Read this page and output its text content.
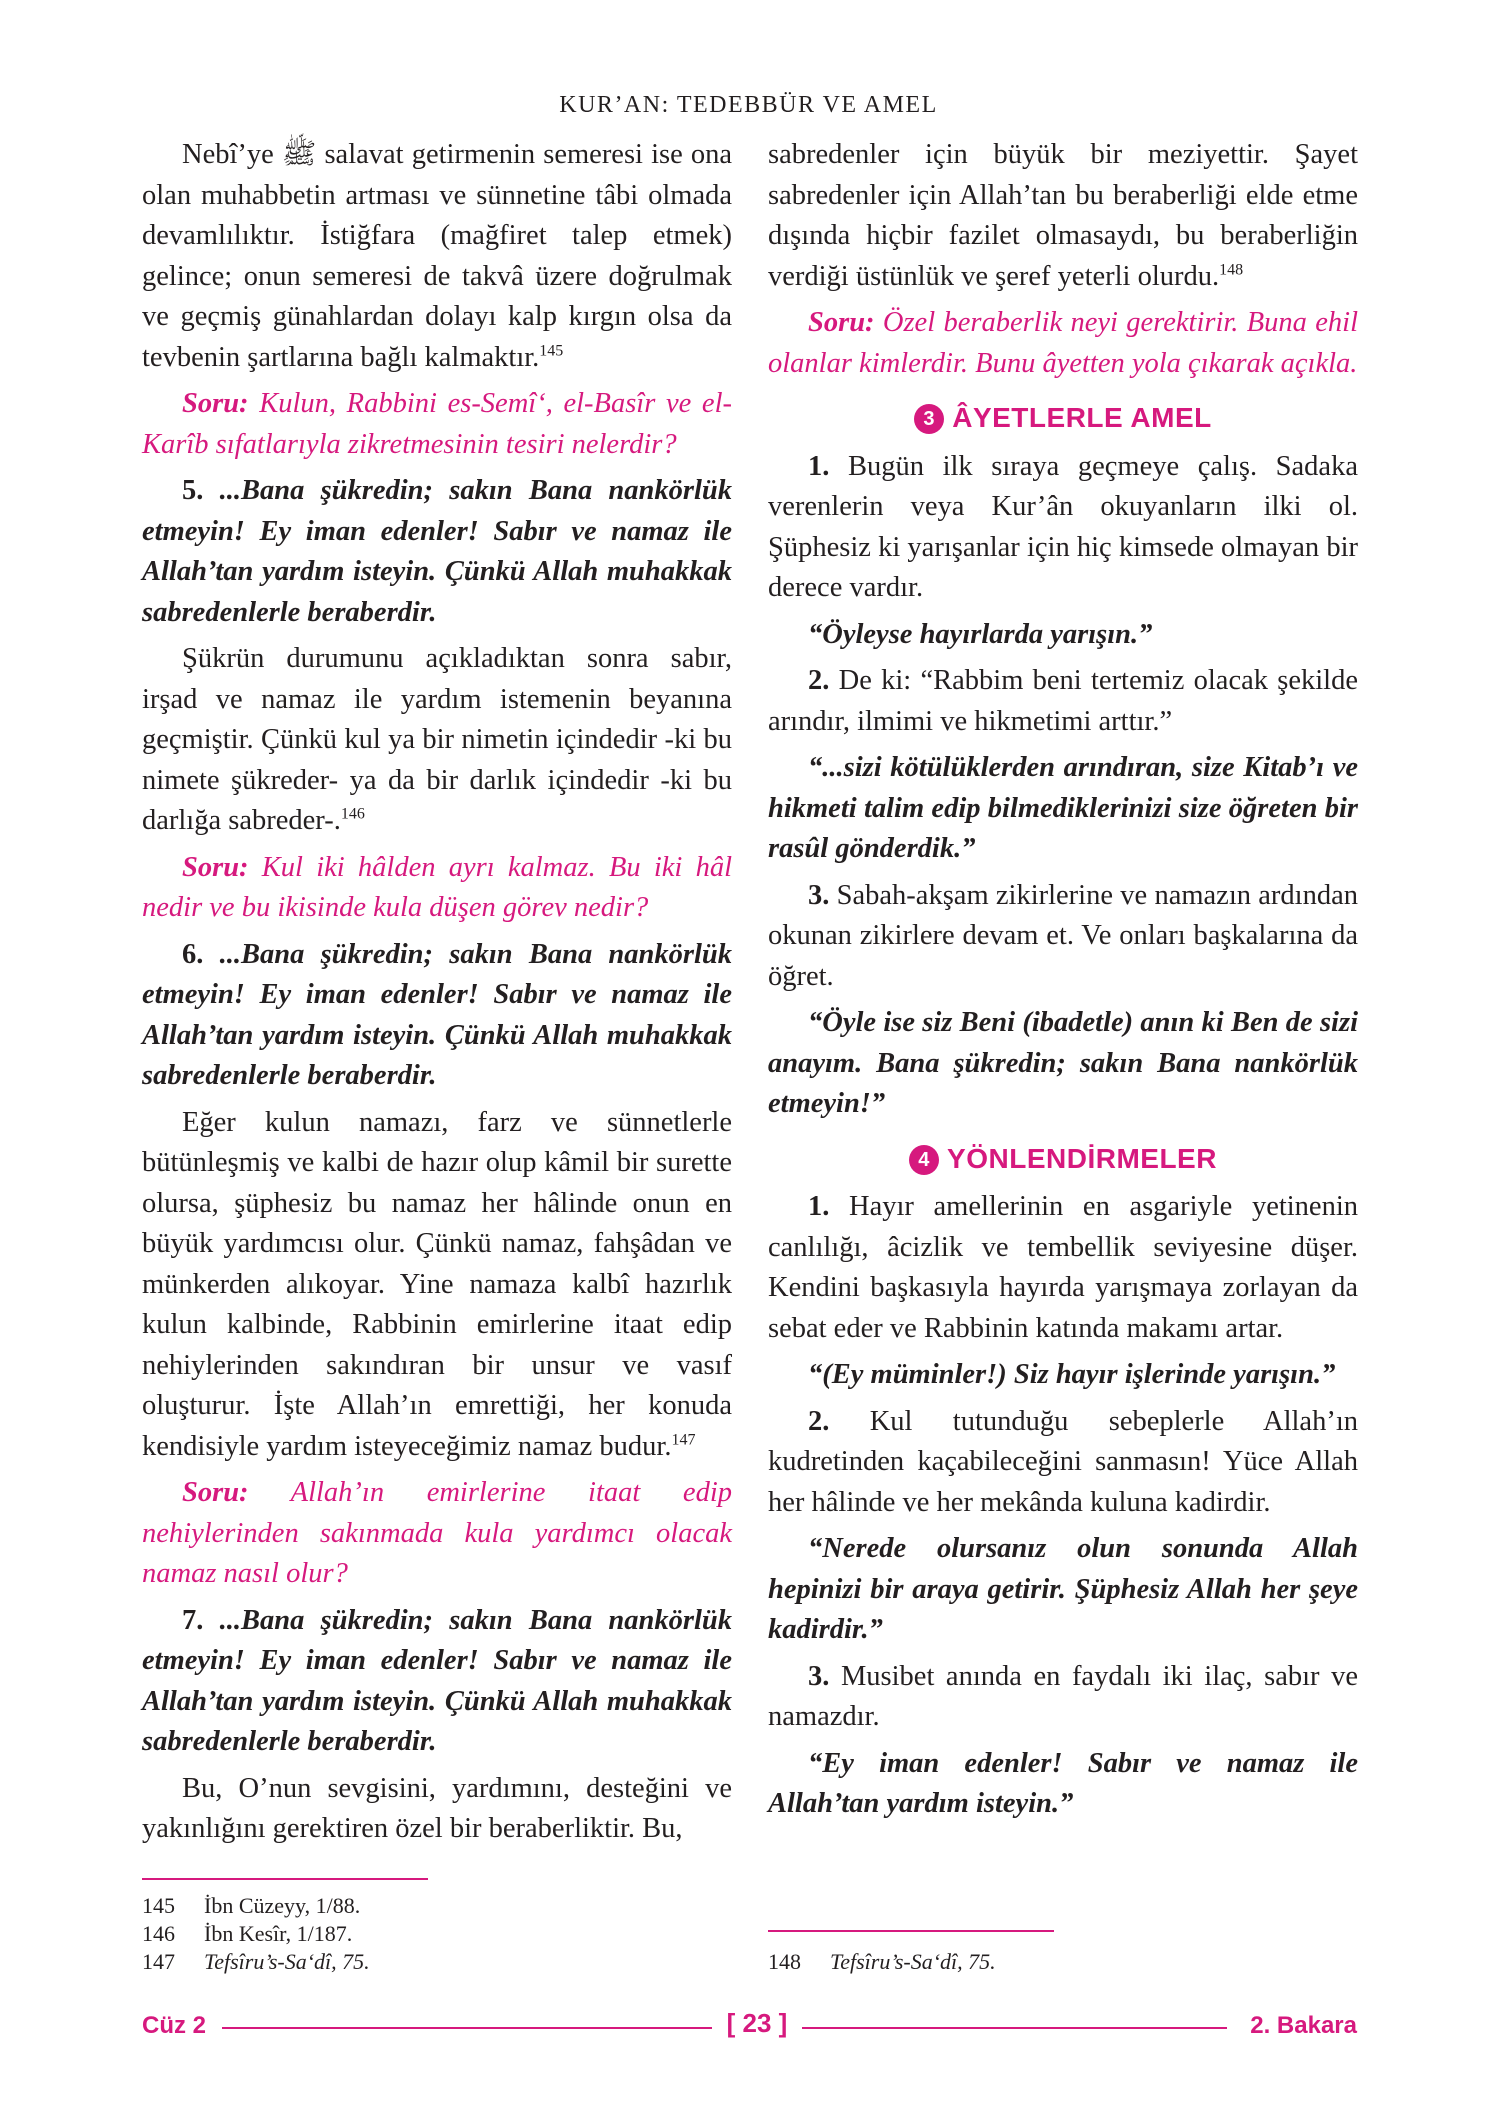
KUR’AN: TEDEBBÜR VE AMEL

Nebî’ye ﷺ salavat getirmenin semeresi ise ona olan muhabbetin artması ve sünnetine tâbi olmada devamlılıktır. İstiğfara (mağfiret talep etmek) gelince; onun semeresi de takvâ üzere doğrulmak ve geçmiş günahlardan dolayı kalp kırgın olsa da tevbenin şartlarına bağlı kalmaktır.$^{145}$

Soru: Kulun, Rabbini es-Semî‘, el-Basîr ve el-Karîb sıfatlarıyla zikretmesinin tesiri nelerdir?

5. ...Bana şükredin; sakın Bana nankörlük etmeyin! Ey iman edenler! Sabır ve namaz ile Allah’tan yardım isteyin. Çünkü Allah muhakkak sabredenlerle beraberdir.

Şükrün durumunu açıkladıktan sonra sabır, irşad ve namaz ile yardım istemenin beyanına geçmiştir. Çünkü kul ya bir nimetin içindedir -ki bu nimete şükreder- ya da bir darlık içindedir -ki bu darlığa sabreder-.$^{146}$

Soru: Kul iki hâlden ayrı kalmaz. Bu iki hâl nedir ve bu ikisinde kula düşen görev nedir?

6. ...Bana şükredin; sakın Bana nankörlük etmeyin! Ey iman edenler! Sabır ve namaz ile Allah’tan yardım isteyin. Çünkü Allah muhakkak sabredenlerle beraberdir.

Eğer kulun namazı, farz ve sünnetlerle bütünleşmiş ve kalbi de hazır olup kâmil bir surette olursa, şüphesiz bu namaz her hâlinde onun en büyük yardımcısı olur. Çünkü namaz, fahşâdan ve münkerden alıkoyar. Yine namaza kalbî hazırlık kulun kalbinde, Rabbinin emirlerine itaat edip nehiylerinden sakındıran bir unsur ve vasıf oluşturur. İşte Allah’ın emrettiği, her konuda kendisiyle yardım isteyeceğimiz namaz budur.$^{147}$

Soru: Allah’ın emirlerine itaat edip nehiylerinden sakınmada kula yardımcı olacak namaz nasıl olur?

7. ...Bana şükredin; sakın Bana nankörlük etmeyin! Ey iman edenler! Sabır ve namaz ile Allah’tan yardım isteyin. Çünkü Allah muhakkak sabredenlerle beraberdir.

Bu, O’nun sevgisini, yardımını, desteğini ve yakınlığını gerektiren özel bir beraberliktir. Bu,

145	İbn Cüzeyy, 1/88.
146	İbn Kesîr, 1/187.
147	Tefsîru’s-Sa‘dî, 75.

sabredenler için büyük bir meziyettir. Şayet sabredenler için Allah’tan bu beraberliği elde etme dışında hiçbir fazilet olmasaydı, bu beraberliğin verdiği üstünlük ve şeref yeterli olurdu.$^{148}$

Soru: Özel beraberlik neyi gerektirir. Buna ehil olanlar kimlerdir. Bunu âyetten yola çıkarak açıkla.

3 ÂYETLERLE AMEL

1. Bugün ilk sıraya geçmeye çalış. Sadaka verenlerin veya Kur’ân okuyanların ilki ol. Şüphesiz ki yarışanlar için hiç kimsede olmayan bir derece vardır.

“Öyleyse hayırlarda yarışın.”

2. De ki: “Rabbim beni tertemiz olacak şekilde arındır, ilmimi ve hikmetimi arttır.”

“...sizi kötülüklerden arındıran, size Kitab’ı ve hikmeti talim edip bilmediklerinizi size öğreten bir rasûl gönderdik.”

3. Sabah-akşam zikirlerine ve namazın ardından okunan zikirlere devam et. Ve onları başkalarına da öğret.

“Öyle ise siz Beni (ibadetle) anın ki Ben de sizi anayım. Bana şükredin; sakın Bana nankörlük etmeyin!”

4 YÖNLENDİRMELER

1. Hayır amellerinin en asgariyle yetinenin canlılığı, âcizlik ve tembellik seviyesine düşer. Kendini başkasıyla hayırda yarışmaya zorlayan da sebat eder ve Rabbinin katında makamı artar.

“(Ey müminler!) Siz hayır işlerinde yarışın.”

2. Kul tutunduğu sebeplerle Allah’ın kudretinden kaçabileceğini sanmasın! Yüce Allah her hâlinde ve her mekânda kuluna kadirdir.

“Nerede olursanız olun sonunda Allah hepinizi bir araya getirir. Şüphesiz Allah her şeye kadirdir.”

3. Musibet anında en faydalı iki ilaç, sabır ve namazdır.

“Ey iman edenler! Sabır ve namaz ile Allah’tan yardım isteyin.”

148	Tefsîru’s-Sa‘dî, 75.
Cüz 2	[ 23 ]	2. Bakara
